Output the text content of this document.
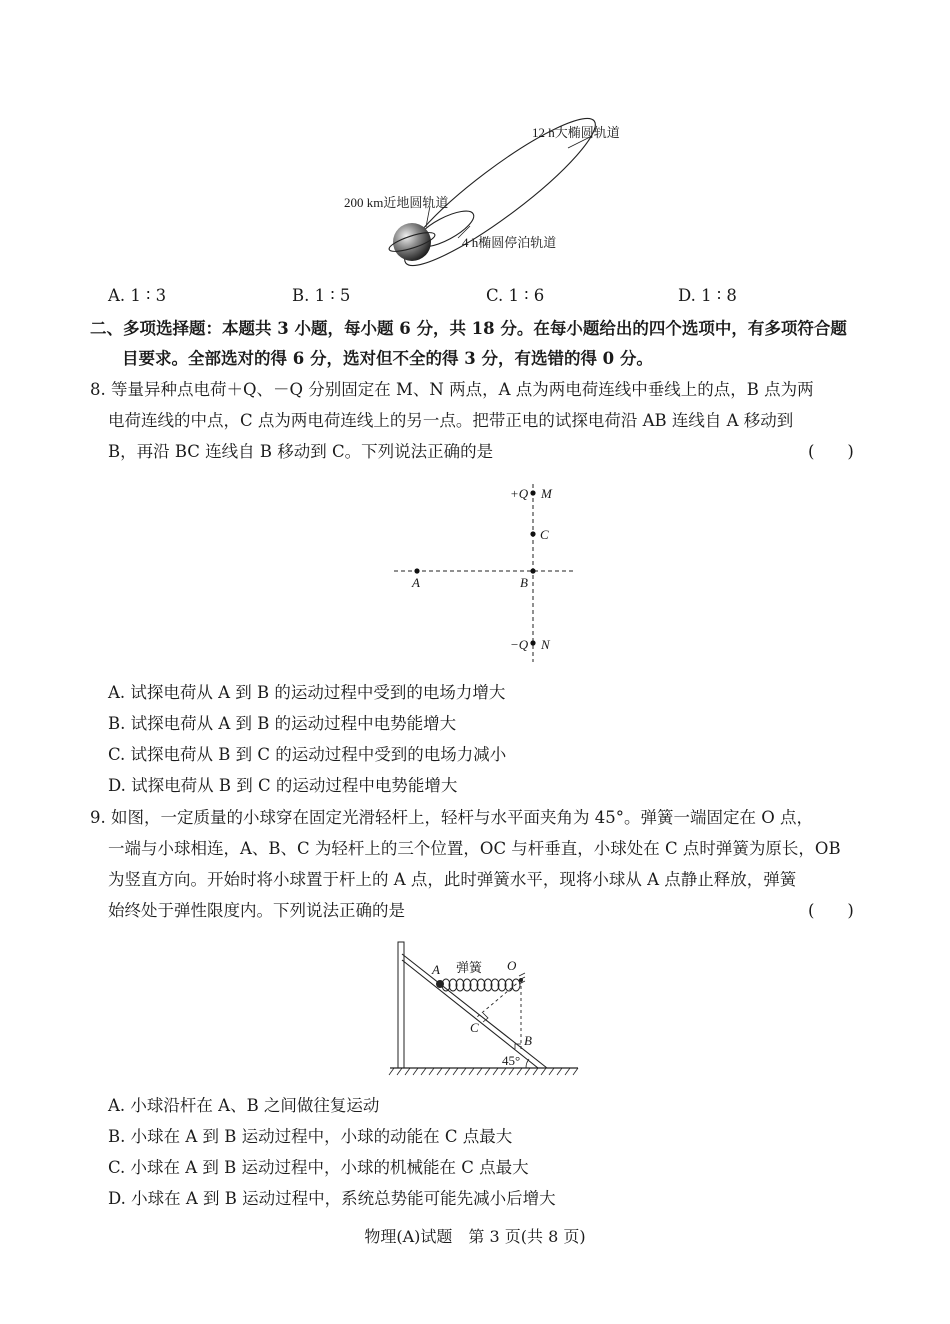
12 h大椭圆轨道
200 km近地圆轨道
4 h椭圆停泊轨道
A. 1 ∶ 3	B. 1 ∶ 5	C. 1 ∶ 6	D. 1 ∶ 8
二、多项选择题：本题共 3 小题，每小题 6 分，共 18 分。在每小题给出的四个选项中，有多项符合题
目要求。全部选对的得 6 分，选对但不全的得 3 分，有选错的得 0 分。
8. 等量异种点电荷＋Q、－Q 分别固定在 M、N 两点，A 点为两电荷连线中垂线上的点，B 点为两
电荷连线的中点，C 点为两电荷连线上的另一点。把带正电的试探电荷沿 AB 连线自 A 移动到
B，再沿 BC 连线自 B 移动到 C。下列说法正确的是	(　　)
+Q M
C
A	B
−Q N
A. 试探电荷从 A 到 B 的运动过程中受到的电场力增大
B. 试探电荷从 A 到 B 的运动过程中电势能增大
C. 试探电荷从 B 到 C 的运动过程中受到的电场力减小
D. 试探电荷从 B 到 C 的运动过程中电势能增大
9. 如图，一定质量的小球穿在固定光滑轻杆上，轻杆与水平面夹角为 45°。弹簧一端固定在 O 点，
一端与小球相连，A、B、C 为轻杆上的三个位置，OC 与杆垂直，小球处在 C 点时弹簧为原长，OB
为竖直方向。开始时将小球置于杆上的 A 点，此时弹簧水平，现将小球从 A 点静止释放，弹簧
始终处于弹性限度内。下列说法正确的是	(　　)
A 弹簧 O
C
B
45°
A. 小球沿杆在 A、B 之间做往复运动
B. 小球在 A 到 B 运动过程中，小球的动能在 C 点最大
C. 小球在 A 到 B 运动过程中，小球的机械能在 C 点最大
D. 小球在 A 到 B 运动过程中，系统总势能可能先减小后增大
物理(A)试题　第 3 页(共 8 页)
